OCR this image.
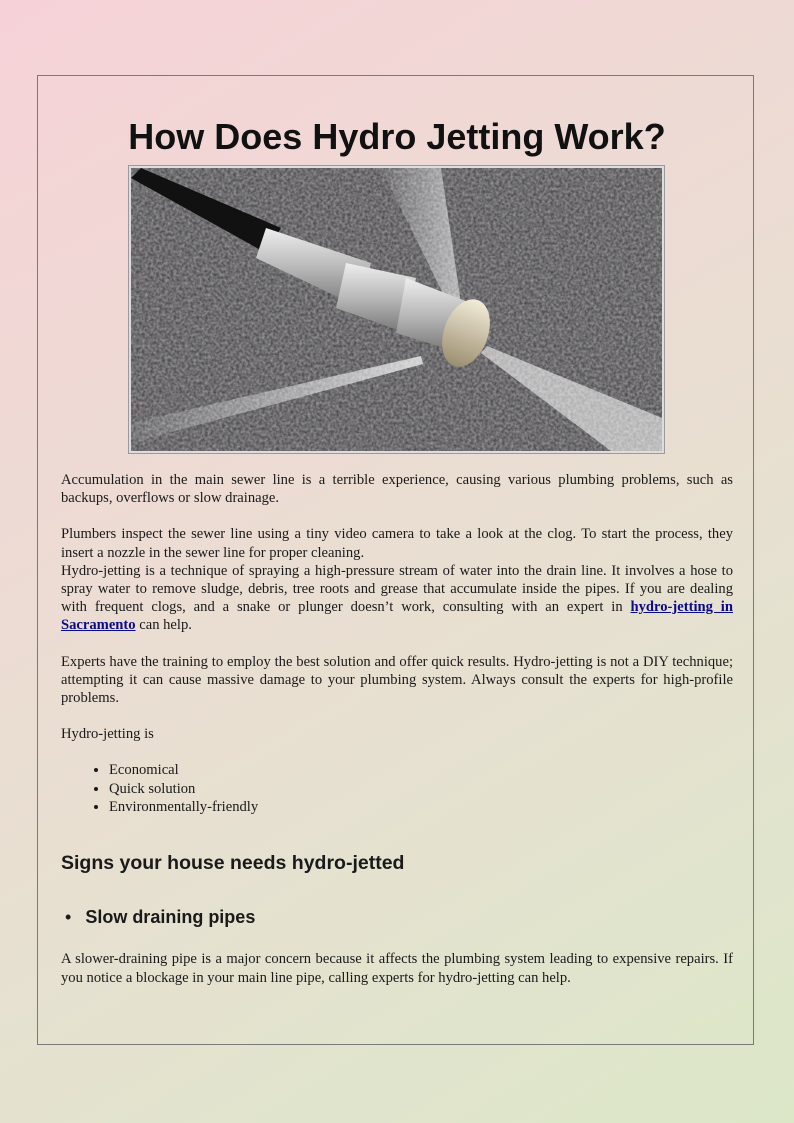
How Does Hydro Jetting Work?

Accumulation in the main sewer line is a terrible experience, causing various plumbing problems, such as backups, overflows or slow drainage.

Plumbers inspect the sewer line using a tiny video camera to take a look at the clog. To start the process, they insert a nozzle in the sewer line for proper cleaning.

Hydro-jetting is a technique of spraying a high-pressure stream of water into the drain line. It involves a hose to spray water to remove sludge, debris, tree roots and grease that accumulate inside the pipes. If you are dealing with frequent clogs, and a snake or plunger doesn’t work, consulting with an expert in hydro-jetting in Sacramento can help.

Experts have the training to employ the best solution and offer quick results. Hydro-jetting is not a DIY technique; attempting it can cause massive damage to your plumbing system. Always consult the experts for high-profile problems.

Hydro-jetting is

• Economical
• Quick solution
• Environmentally-friendly
Signs your house needs hydro-jetted
• Slow draining pipes

A slower-draining pipe is a major concern because it affects the plumbing system leading to expensive repairs. If you notice a blockage in your main line pipe, calling experts for hydro-jetting can help.
